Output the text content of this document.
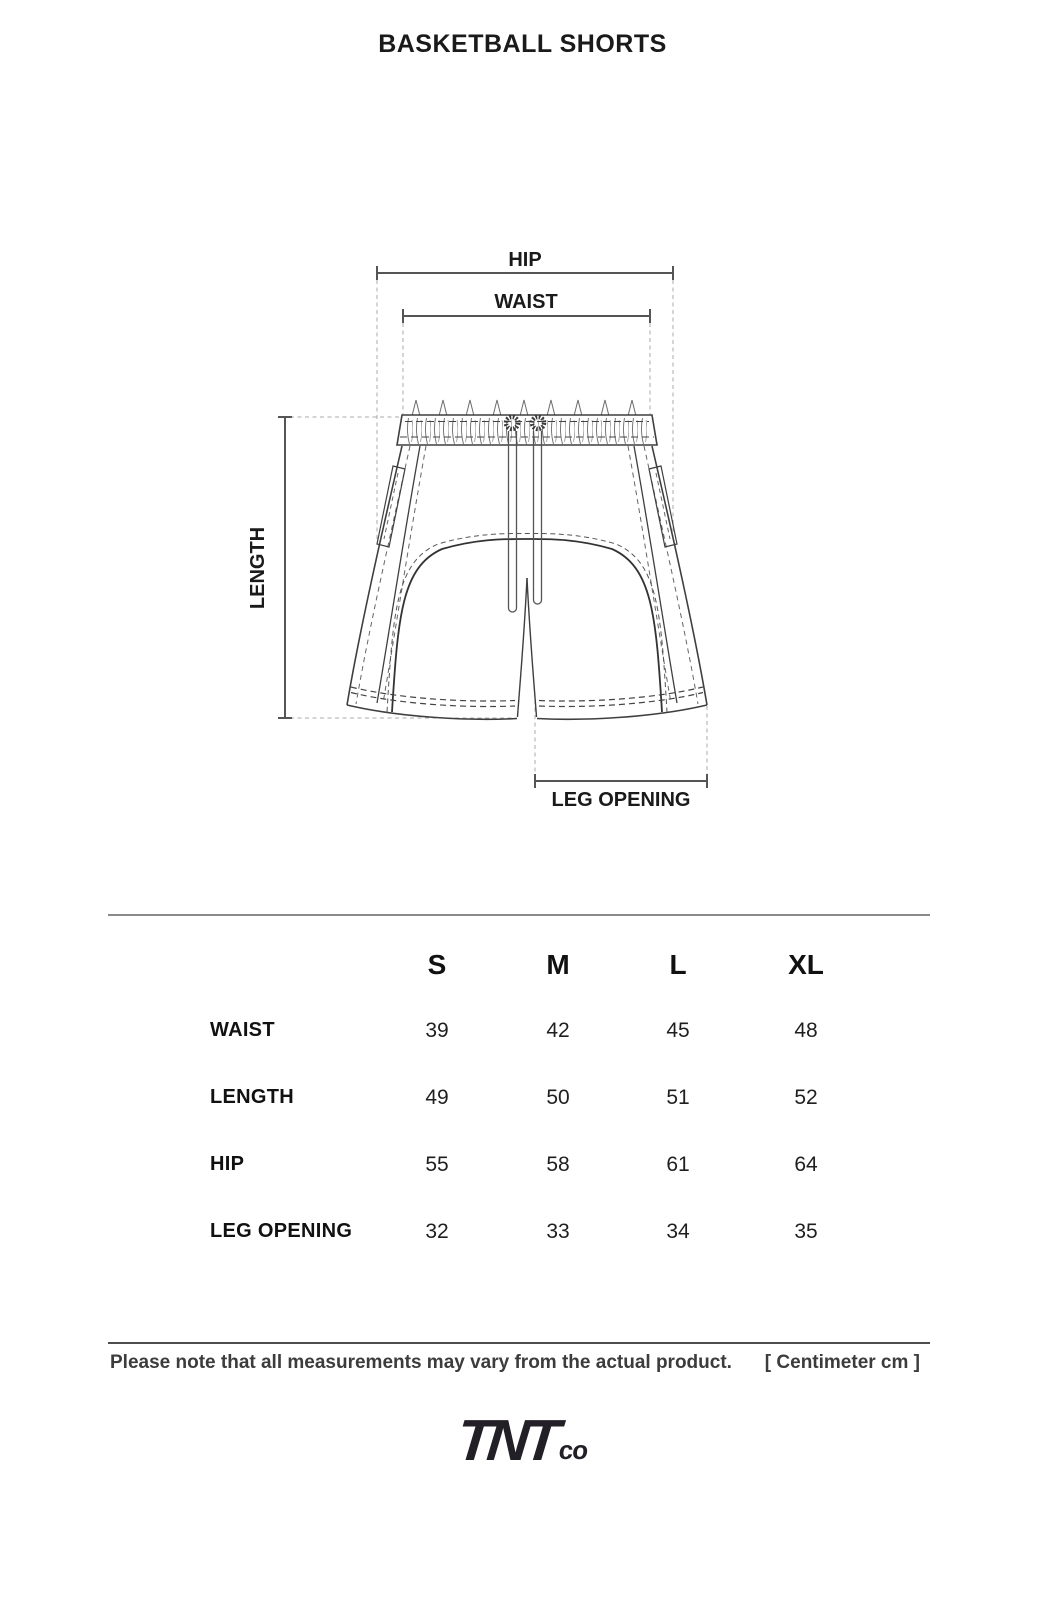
BASKETBALL SHORTS
HIP
WAIST
LENGTH
LEG OPENING
S	M	L	XL
WAIST	39	42	45	48
LENGTH	49	50	51	52
HIP	55	58	61	64
LEG OPENING	32	33	34	35
Please note that all measurements may vary from the actual product. [ Centimeter cm ]
TNT
co
